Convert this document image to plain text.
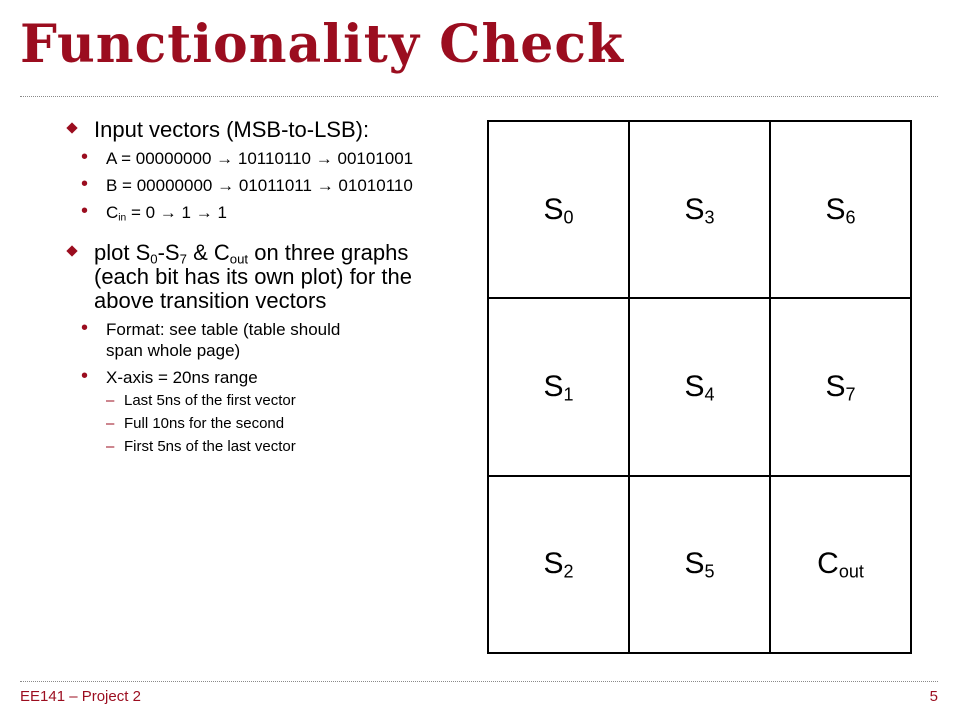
Functionality Check
Input vectors (MSB-to-LSB):
• A = 00000000 → 10110110 → 00101001
• B = 00000000 → 01011011 → 01010110
• $C_{in} = 0 \to 1 \to 1$
plot $S_0-S_7$ & $C_{out}$ on three graphs (each bit has its own plot) for the above transition vectors
• Format: see table (table should span whole page)
• X-axis = 20ns range
– Last 5ns of the first vector
– Full 10ns for the second
– First 5ns of the last vector
$S_0$	$S_3$	$S_6$
$S_1$	$S_4$	$S_7$
$S_2$	$S_5$	$C_{out}$
EE141 – Project 2	5
